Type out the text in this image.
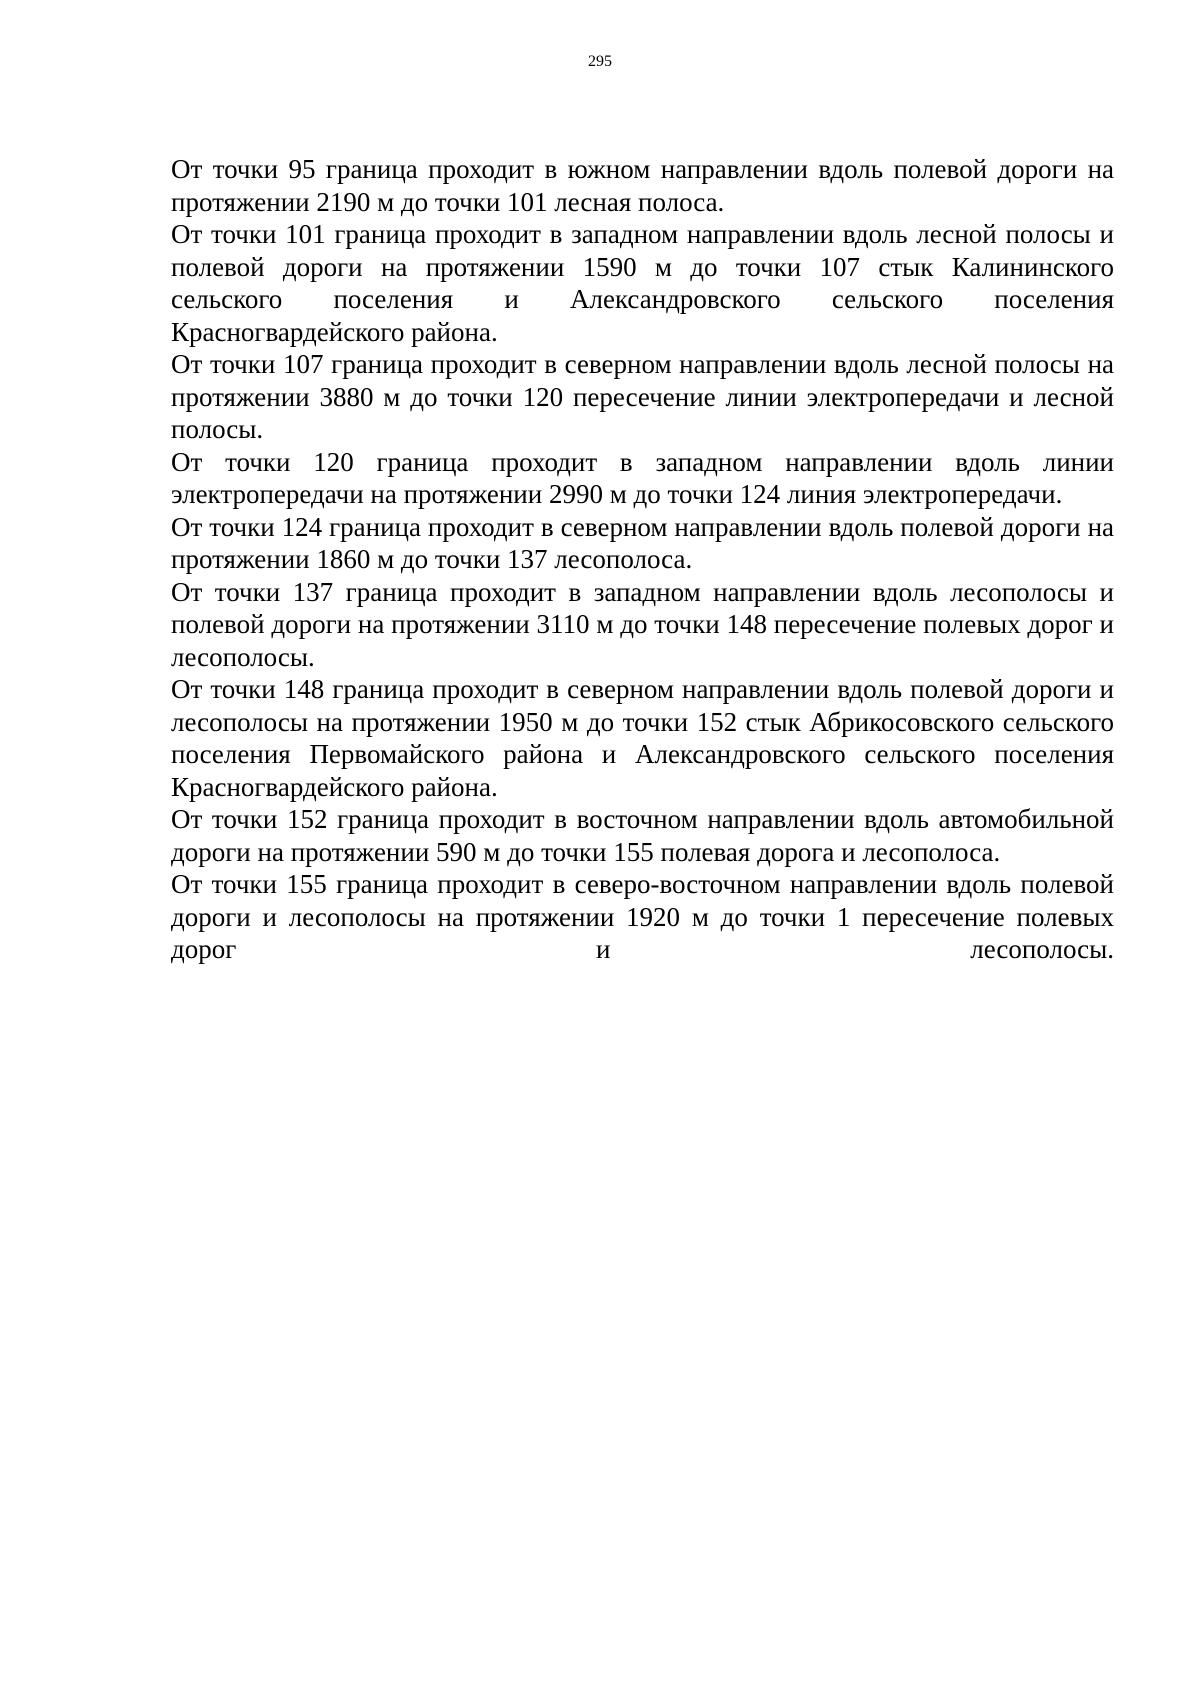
295

От точки 95 граница проходит в южном направлении вдоль полевой дороги на протяжении 2190 м до точки 101 лесная полоса.

От точки 101 граница проходит в западном направлении вдоль лесной полосы и полевой дороги на протяжении 1590 м до точки 107 стык Калининского сельского поселения и Александровского сельского поселения Красногвардейского района.

От точки 107 граница проходит в северном направлении вдоль лесной полосы на протяжении 3880 м до точки 120 пересечение линии электропередачи и лесной полосы.

От точки 120 граница проходит в западном направлении вдоль линии электропередачи на протяжении 2990 м до точки 124 линия электропередачи.

От точки 124 граница проходит в северном направлении вдоль полевой дороги на протяжении 1860 м до точки 137 лесополоса.

От точки 137 граница проходит в западном направлении вдоль лесополосы и полевой дороги на протяжении 3110 м до точки 148 пересечение полевых дорог и лесополосы.

От точки 148 граница проходит в северном направлении вдоль полевой дороги и лесополосы на протяжении 1950 м до точки 152 стык Абрикосовского сельского поселения Первомайского района и Александровского сельского поселения Красногвардейского района.

От точки 152 граница проходит в восточном направлении вдоль автомобильной дороги на протяжении 590 м до точки 155 полевая дорога и лесополоса.

От точки 155 граница проходит в северо-восточном направлении вдоль полевой дороги и лесополосы на протяжении 1920 м до точки 1 пересечение полевых дорог и лесополосы.
